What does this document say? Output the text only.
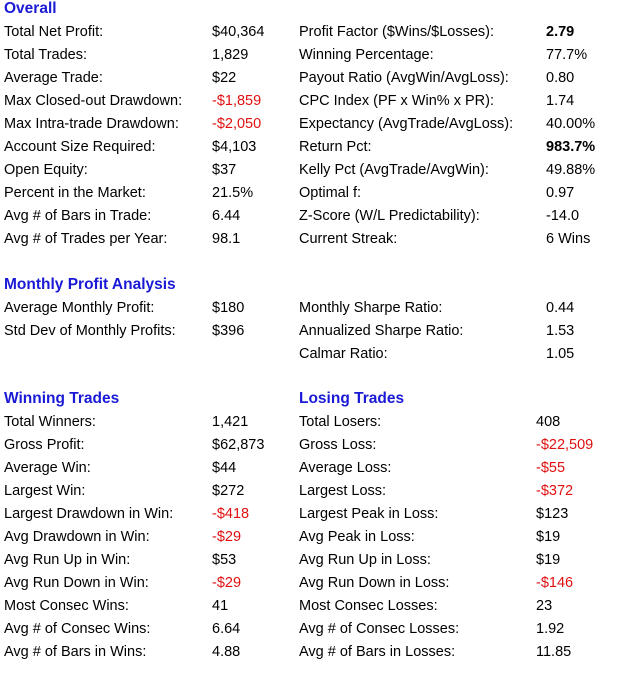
Overall
Total Net Profit:	$40,364
Total Trades:	1,829
Average Trade:	$22
Max Closed-out Drawdown: -$1,859
Max Intra-trade Drawdown: -$2,050
Account Size Required:	$4,103
Open Equity:	$37
Percent in the Market:	21.5%
Avg # of Bars in Trade:	6.44
Avg # of Trades per Year:	98.1
Profit Factor ($Wins/$Losses):	2.79
Winning Percentage:	77.7%
Payout Ratio (AvgWin/AvgLoss):	0.80
CPC Index (PF x Win% x PR):	1.74
Expectancy (AvgTrade/AvgLoss): 40.00%
Return Pct:	983.7%
Kelly Pct (AvgTrade/AvgWin):	49.88%
Optimal f:	0.97
Z-Score (W/L Predictability):	-14.0
Current Streak:	6 Wins
Monthly Profit Analysis
Average Monthly Profit:	$180
Std Dev of Monthly Profits:	$396
Monthly Sharpe Ratio:	0.44
Annualized Sharpe Ratio:	1.53
Calmar Ratio:	1.05
Winning Trades
Total Winners:	1,421
Gross Profit:	$62,873
Average Win:	$44
Largest Win:	$272
Largest Drawdown in Win:	-$418
Avg Drawdown in Win:	-$29
Avg Run Up in Win:	$53
Avg Run Down in Win:	-$29
Most Consec Wins:	41
Avg # of Consec Wins:	6.64
Avg # of Bars in Wins:	4.88
Losing Trades
Total Losers:	408
Gross Loss:	-$22,509
Average Loss:	-$55
Largest Loss:	-$372
Largest Peak in Loss:	$123
Avg Peak in Loss:	$19
Avg Run Up in Loss:	$19
Avg Run Down in Loss:	-$146
Most Consec Losses:	23
Avg # of Consec Losses:	1.92
Avg # of Bars in Losses:	11.85
